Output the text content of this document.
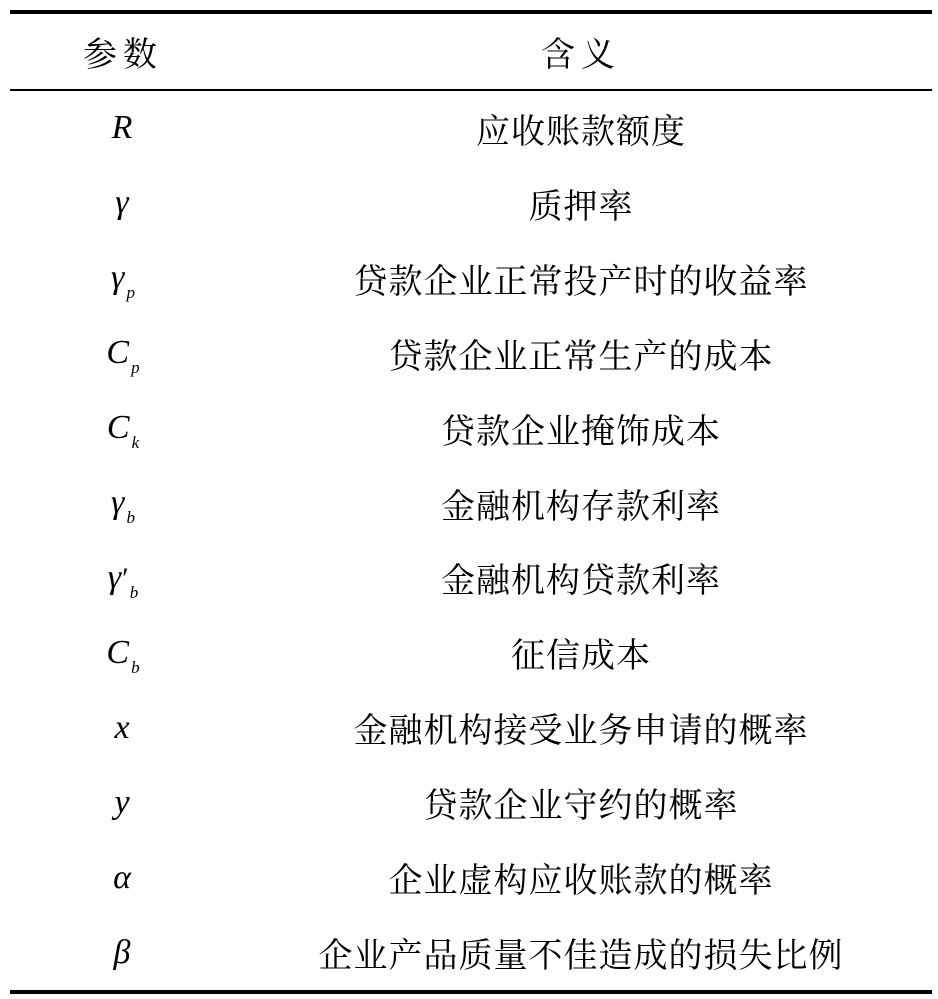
参数	含义
R	应收账款额度
γ	质押率
γ $_p$	贷款企业正常投产时的收益率
C $_p$	贷款企业正常生产的成本
C $_k$	贷款企业掩饰成本
γ $_b$	金融机构存款利率
$\gamma'_b$	金融机构贷款利率
C $_b$	征信成本
x	金融机构接受业务申请的概率
y	贷款企业守约的概率
α	企业虚构应收账款的概率
β	企业产品质量不佳造成的损失比例
